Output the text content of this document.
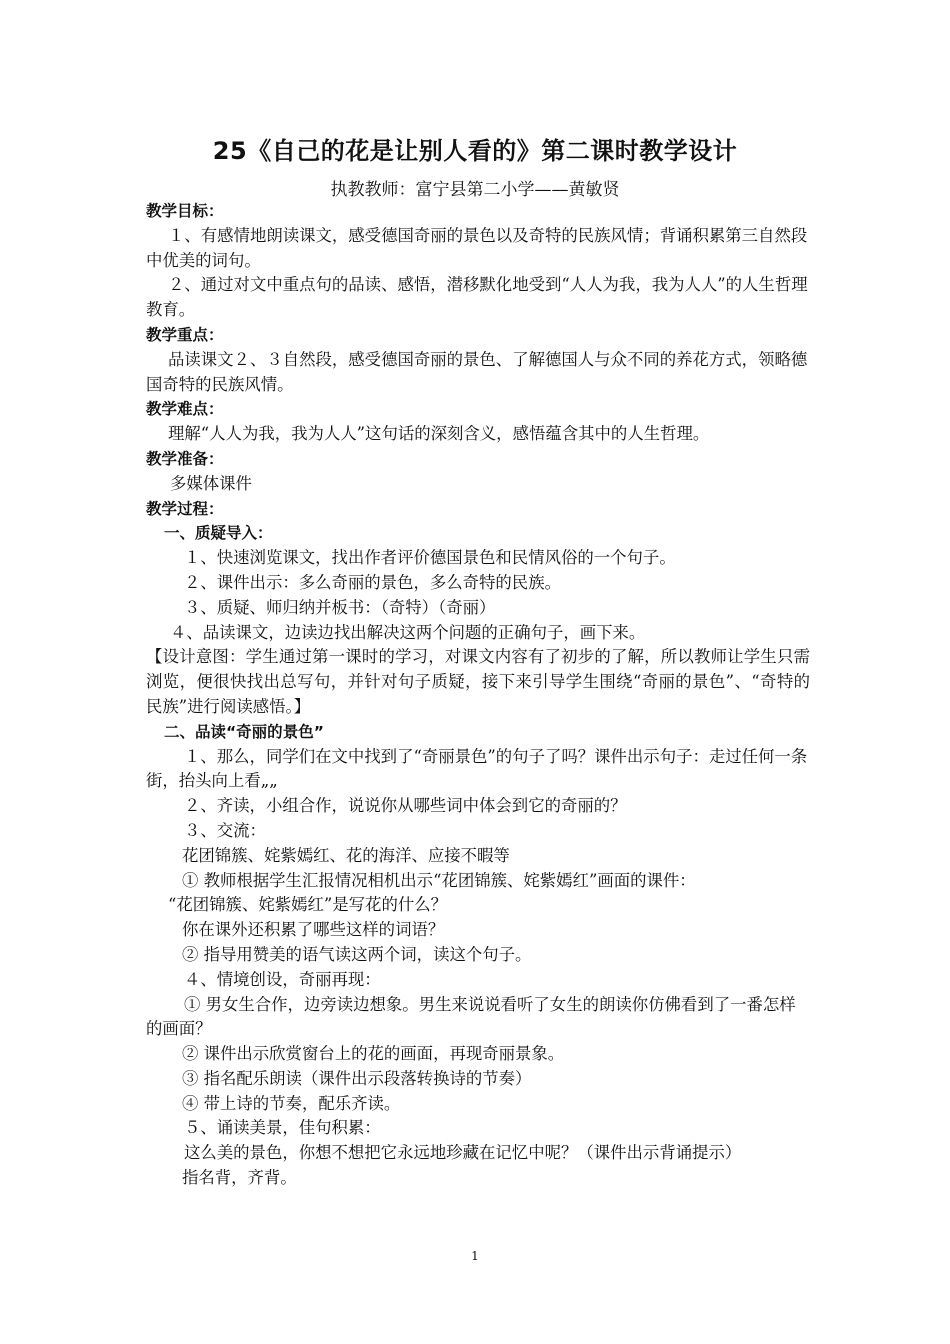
25《自己的花是让别人看的》第二课时教学设计
执教教师：富宁县第二小学——黄敏贤

教学目标：

１、有感情地朗读课文，感受德国奇丽的景色以及奇特的民族风情；背诵积累第三自然段中优美的词句。

２、通过对文中重点句的品读、感悟，潜移默化地受到“人人为我，我为人人”的人生哲理教育。

教学重点：

品读课文２、３自然段，感受德国奇丽的景色、了解德国人与众不同的养花方式，领略德国奇特的民族风情。

教学难点：

理解“人人为我，我为人人”这句话的深刻含义，感悟蕴含其中的人生哲理。

教学准备：

多媒体课件

教学过程：

一、质疑导入：

１、快速浏览课文，找出作者评价德国景色和民情风俗的一个句子。

２、课件出示：多么奇丽的景色，多么奇特的民族。

３、质疑、师归纳并板书：（奇特）（奇丽）

４、品读课文，边读边找出解决这两个问题的正确句子，画下来。

【设计意图：学生通过第一课时的学习，对课文内容有了初步的了解，所以教师让学生只需浏览，便很快找出总写句，并针对句子质疑，接下来引导学生围绕“奇丽的景色”、“奇特的民族”进行阅读感悟。】

二、品读“奇丽的景色”

１、那么，同学们在文中找到了“奇丽景色”的句子了吗？课件出示句子：走过任何一条街，抬头向上看„„

２、齐读，小组合作，说说你从哪些词中体会到它的奇丽的？

３、交流：

花团锦簇、姹紫嫣红、花的海洋、应接不暇等

① 教师根据学生汇报情况相机出示“花团锦簇、姹紫嫣红”画面的课件：

“花团锦簇、姹紫嫣红”是写花的什么？

你在课外还积累了哪些这样的词语？

② 指导用赞美的语气读这两个词，读这个句子。

４、情境创设，奇丽再现：

① 男女生合作，边旁读边想象。男生来说说看听了女生的朗读你仿佛看到了一番怎样的画面？

② 课件出示欣赏窗台上的花的画面，再现奇丽景象。

③ 指名配乐朗读（课件出示段落转换诗的节奏）

④ 带上诗的节奏，配乐齐读。

５、诵读美景，佳句积累：

这么美的景色，你想不想把它永远地珍藏在记忆中呢？（课件出示背诵提示）

指名背，齐背。

1
